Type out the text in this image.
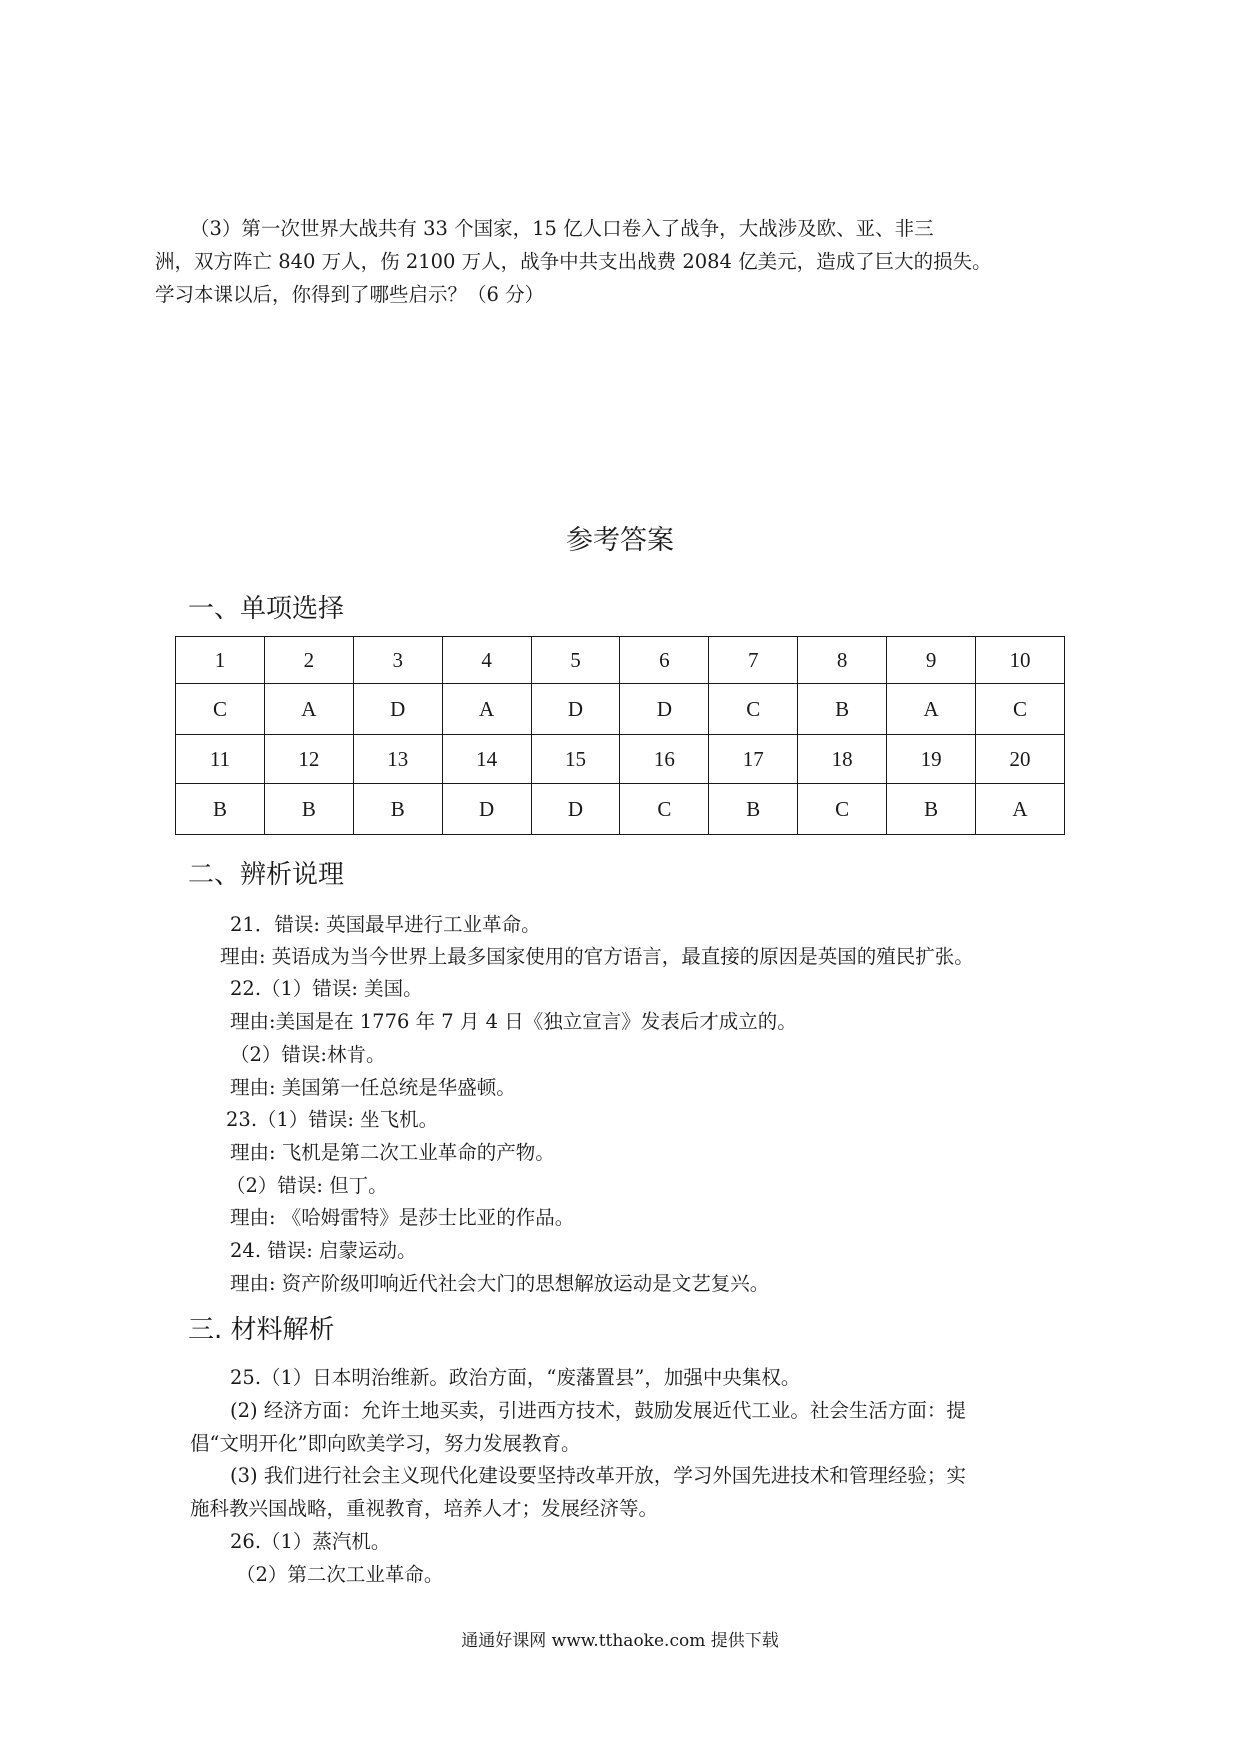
（3）第一次世界大战共有 33 个国家，15 亿人口卷入了战争，大战涉及欧、亚、非三

洲，双方阵亡 840 万人，伤 2100 万人，战争中共支出战费 2084 亿美元，造成了巨大的损失。

学习本课以后，你得到了哪些启示？（6 分）

参考答案
一、单项选择
1	2	3	4	5	6	7	8	9	10
C	A	D	A	D	D	C	B	A	C
11	12	13	14	15	16	17	18	19	20
B	B	B	D	D	C	B	C	B	A
二、辨析说理
21．错误: 英国最早进行工业革命。
理由: 英语成为当今世界上最多国家使用的官方语言，最直接的原因是英国的殖民扩张。
22.（1）错误: 美国。
理由:美国是在 1776 年 7 月 4 日《独立宣言》发表后才成立的。
（2）错误:林肯。
理由: 美国第一任总统是华盛顿。
23.（1）错误: 坐飞机。
理由: 飞机是第二次工业革命的产物。
（2）错误: 但丁。
理由: 《哈姆雷特》是莎士比亚的作品。
24. 错误: 启蒙运动。
理由: 资产阶级叩响近代社会大门的思想解放运动是文艺复兴。
三. 材料解析
25.（1）日本明治维新。政治方面，“废藩置县”，加强中央集权。
(2) 经济方面：允许土地买卖，引进西方技术，鼓励发展近代工业。社会生活方面：提
倡“文明开化”即向欧美学习，努力发展教育。
(3) 我们进行社会主义现代化建设要坚持改革开放，学习外国先进技术和管理经验；实
施科教兴国战略，重视教育，培养人才；发展经济等。
26.（1）蒸汽机。
（2）第二次工业革命。
通通好课网 www.tthaoke.com 提供下载
